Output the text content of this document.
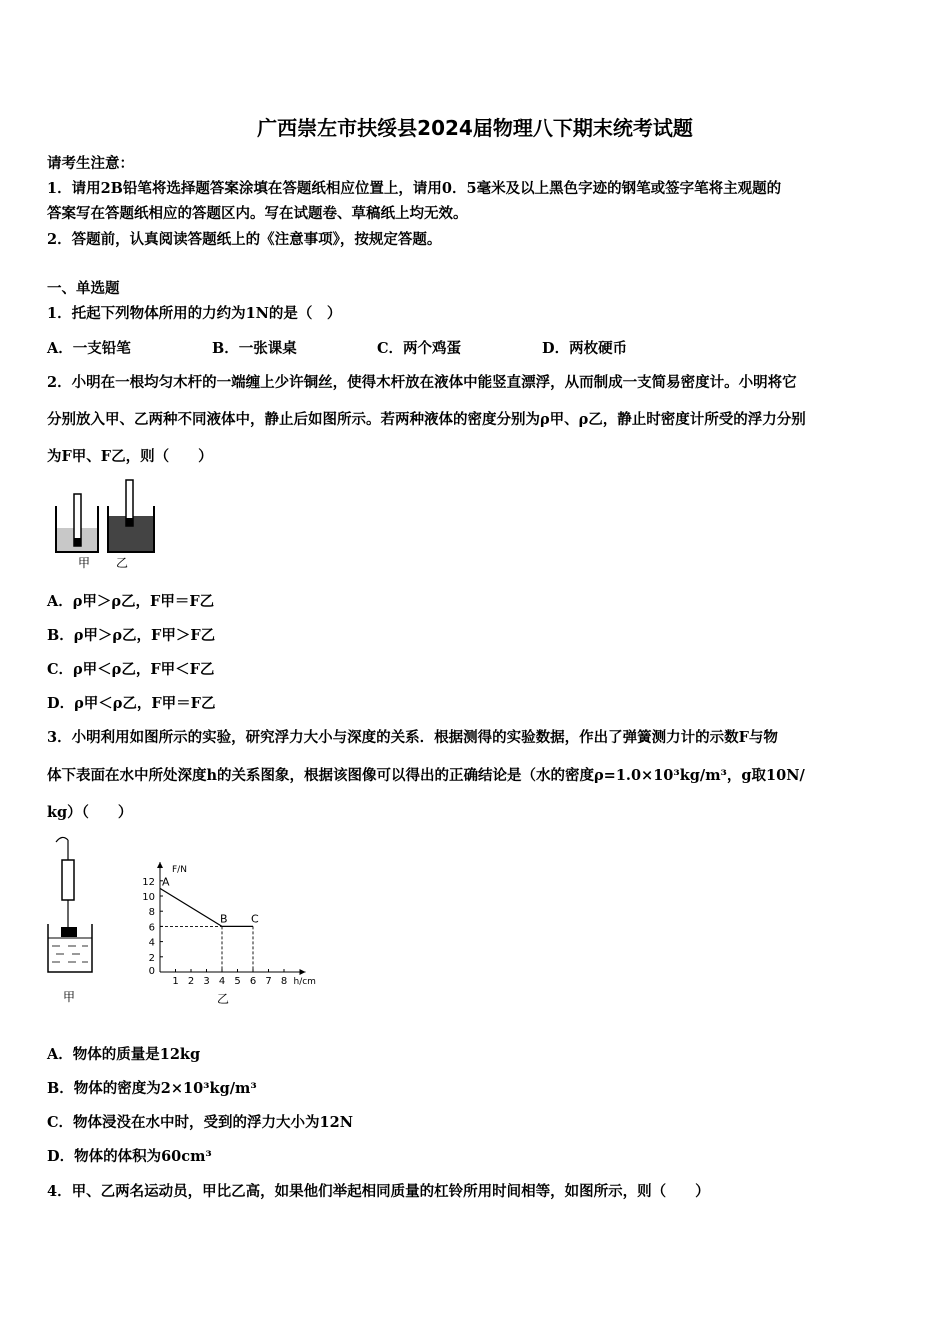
广西崇左市扶绥县2024届物理八下期末统考试题
请考生注意：
1．请用2B铅笔将选择题答案涂填在答题纸相应位置上，请用0．5毫米及以上黑色字迹的钢笔或签字笔将主观题的
答案写在答题纸相应的答题区内。写在试题卷、草稿纸上均无效。
2．答题前，认真阅读答题纸上的《注意事项》，按规定答题。
一、单选题
1．托起下列物体所用的力约为1N的是（　）
A．一支铅笔	B．一张课桌	C．两个鸡蛋	D．两枚硬币
2．小明在一根均匀木杆的一端缠上少许铜丝，使得木杆放在液体中能竖直漂浮，从而制成一支简易密度计。小明将它
分别放入甲、乙两种不同液体中，静止后如图所示。若两种液体的密度分别为ρ甲、ρ乙，静止时密度计所受的浮力分别
为F甲、F乙，则（　　）
甲 乙
A．ρ甲＞ρ乙，F甲＝F乙
B．ρ甲＞ρ乙，F甲＞F乙
C．ρ甲＜ρ乙，F甲＜F乙
D．ρ甲＜ρ乙，F甲＝F乙
3．小明利用如图所示的实验，研究浮力大小与深度的关系．根据测得的实验数据，作出了弹簧测力计的示数F与物
体下表面在水中所处深度h的关系图象，根据该图像可以得出的正确结论是（水的密度ρ=1.0×10³kg/m³，g取10N/
kg）（　　）
甲
F/N
h/cm
1 2 3 4 5 6 7 8
0
2
4
6
8
10
12 A
B C
乙
A．物体的质量是12kg
B．物体的密度为2×10³kg/m³
C．物体浸没在水中时，受到的浮力大小为12N
D．物体的体积为60cm³
4．甲、乙两名运动员，甲比乙高，如果他们举起相同质量的杠铃所用时间相等，如图所示，则（　　）
